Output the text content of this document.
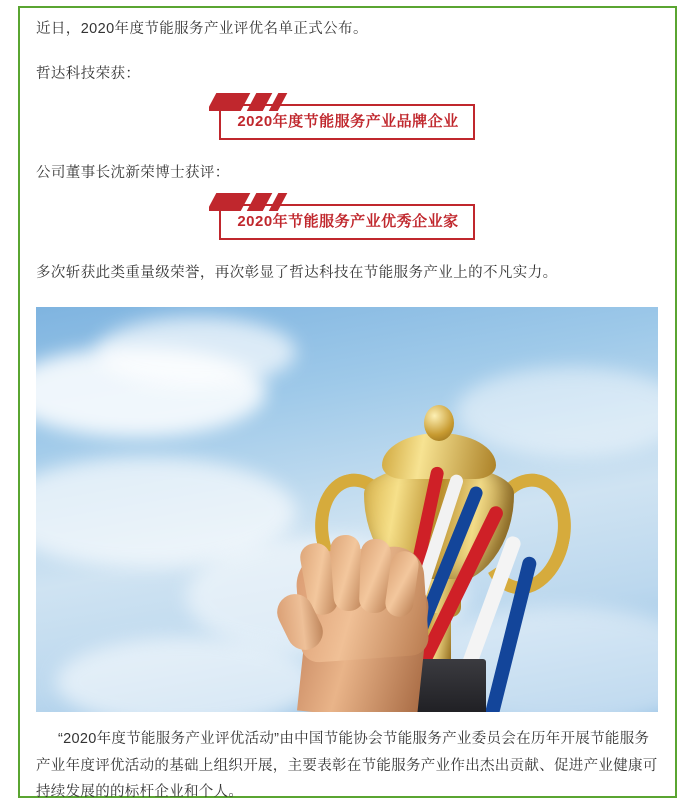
近日，2020年度节能服务产业评优名单正式公布。

哲达科技荣获：

2020年度节能服务产业品牌企业

公司董事长沈新荣博士获评：

2020年节能服务产业优秀企业家

多次斩获此类重量级荣誉，再次彰显了哲达科技在节能服务产业上的不凡实力。

“2020年度节能服务产业评优活动”由中国节能协会节能服务产业委员会在历年开展节能服务产业年度评优活动的基础上组织开展，主要表彰在节能服务产业作出杰出贡献、促进产业健康可持续发展的的标杆企业和个人。
